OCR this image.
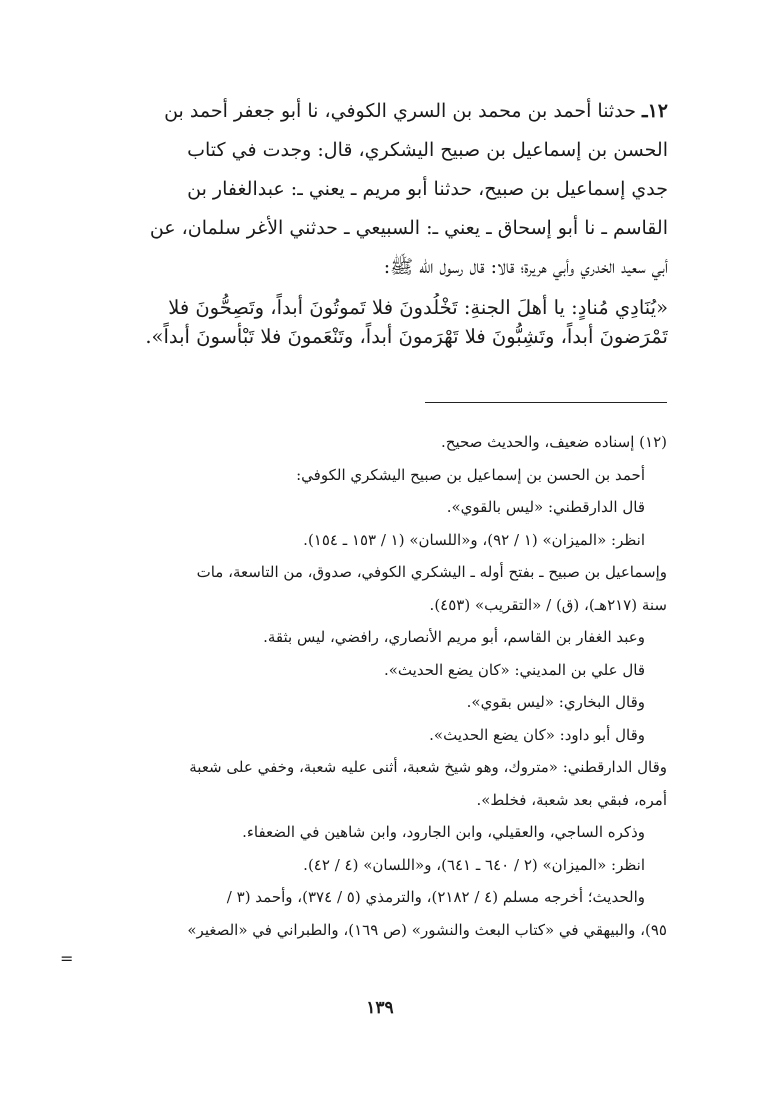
١٢ـ حدثنا أحمد بن محمد بن السري الكوفي، نا أبو جعفر أحمد بن
الحسن بن إسماعيل بن صبيح اليشكري، قال: وجدت في كتاب
جدي إسماعيل بن صبيح، حدثنا أبو مريم ـ يعني ـ: عبدالغفار بن
القاسم ـ نا أبو إسحاق ـ يعني ـ: السبيعي ـ حدثني الأغر سلمان، عن
أبي سعيد الخدري وأبي هريرة؛ قالا: قال رسول الله ﷺ:
«يُنَادِي مُنادٍ: يا أهلَ الجنةِ: تَخْلُدونَ فلا تَموتُونَ أبداً، وتَصِحُّونَ فلا
تَمْرَضونَ أبداً، وتَشِبُّونَ فلا تَهْرَمونَ أبداً، وتَنْعَمونَ فلا تَبْأَسونَ أبداً».
(١٢) إسناده ضعيف، والحديث صحيح.
أحمد بن الحسن بن إسماعيل بن صبيح اليشكري الكوفي:
قال الدارقطني: «ليس بالقوي».
انظر: «الميزان» (١ / ٩٢)، و«اللسان» (١ / ١٥٣ ـ ١٥٤).
وإسماعيل بن صبيح ـ بفتح أوله ـ اليشكري الكوفي، صدوق، من التاسعة، مات
سنة (٢١٧هـ)، (ق) / «التقريب» (٤٥٣).
وعبد الغفار بن القاسم، أبو مريم الأنصاري، رافضي، ليس بثقة.
قال علي بن المديني: «كان يضع الحديث».
وقال البخاري: «ليس بقوي».
وقال أبو داود: «كان يضع الحديث».
وقال الدارقطني: «متروك، وهو شيخ شعبة، أثنى عليه شعبة، وخفي على شعبة
أمره، فبقي بعد شعبة، فخلط».
وذكره الساجي، والعقيلي، وابن الجارود، وابن شاهين في الضعفاء.
انظر: «الميزان» (٢ / ٦٤٠ ـ ٦٤١)، و«اللسان» (٤ / ٤٢).
والحديث؛ أخرجه مسلم (٤ / ٢١٨٢)، والترمذي (٥ / ٣٧٤)، وأحمد (٣ /
٩٥)، والبيهقي في «كتاب البعث والنشور» (ص ١٦٩)، والطبراني في «الصغير»
=
١٣٩
